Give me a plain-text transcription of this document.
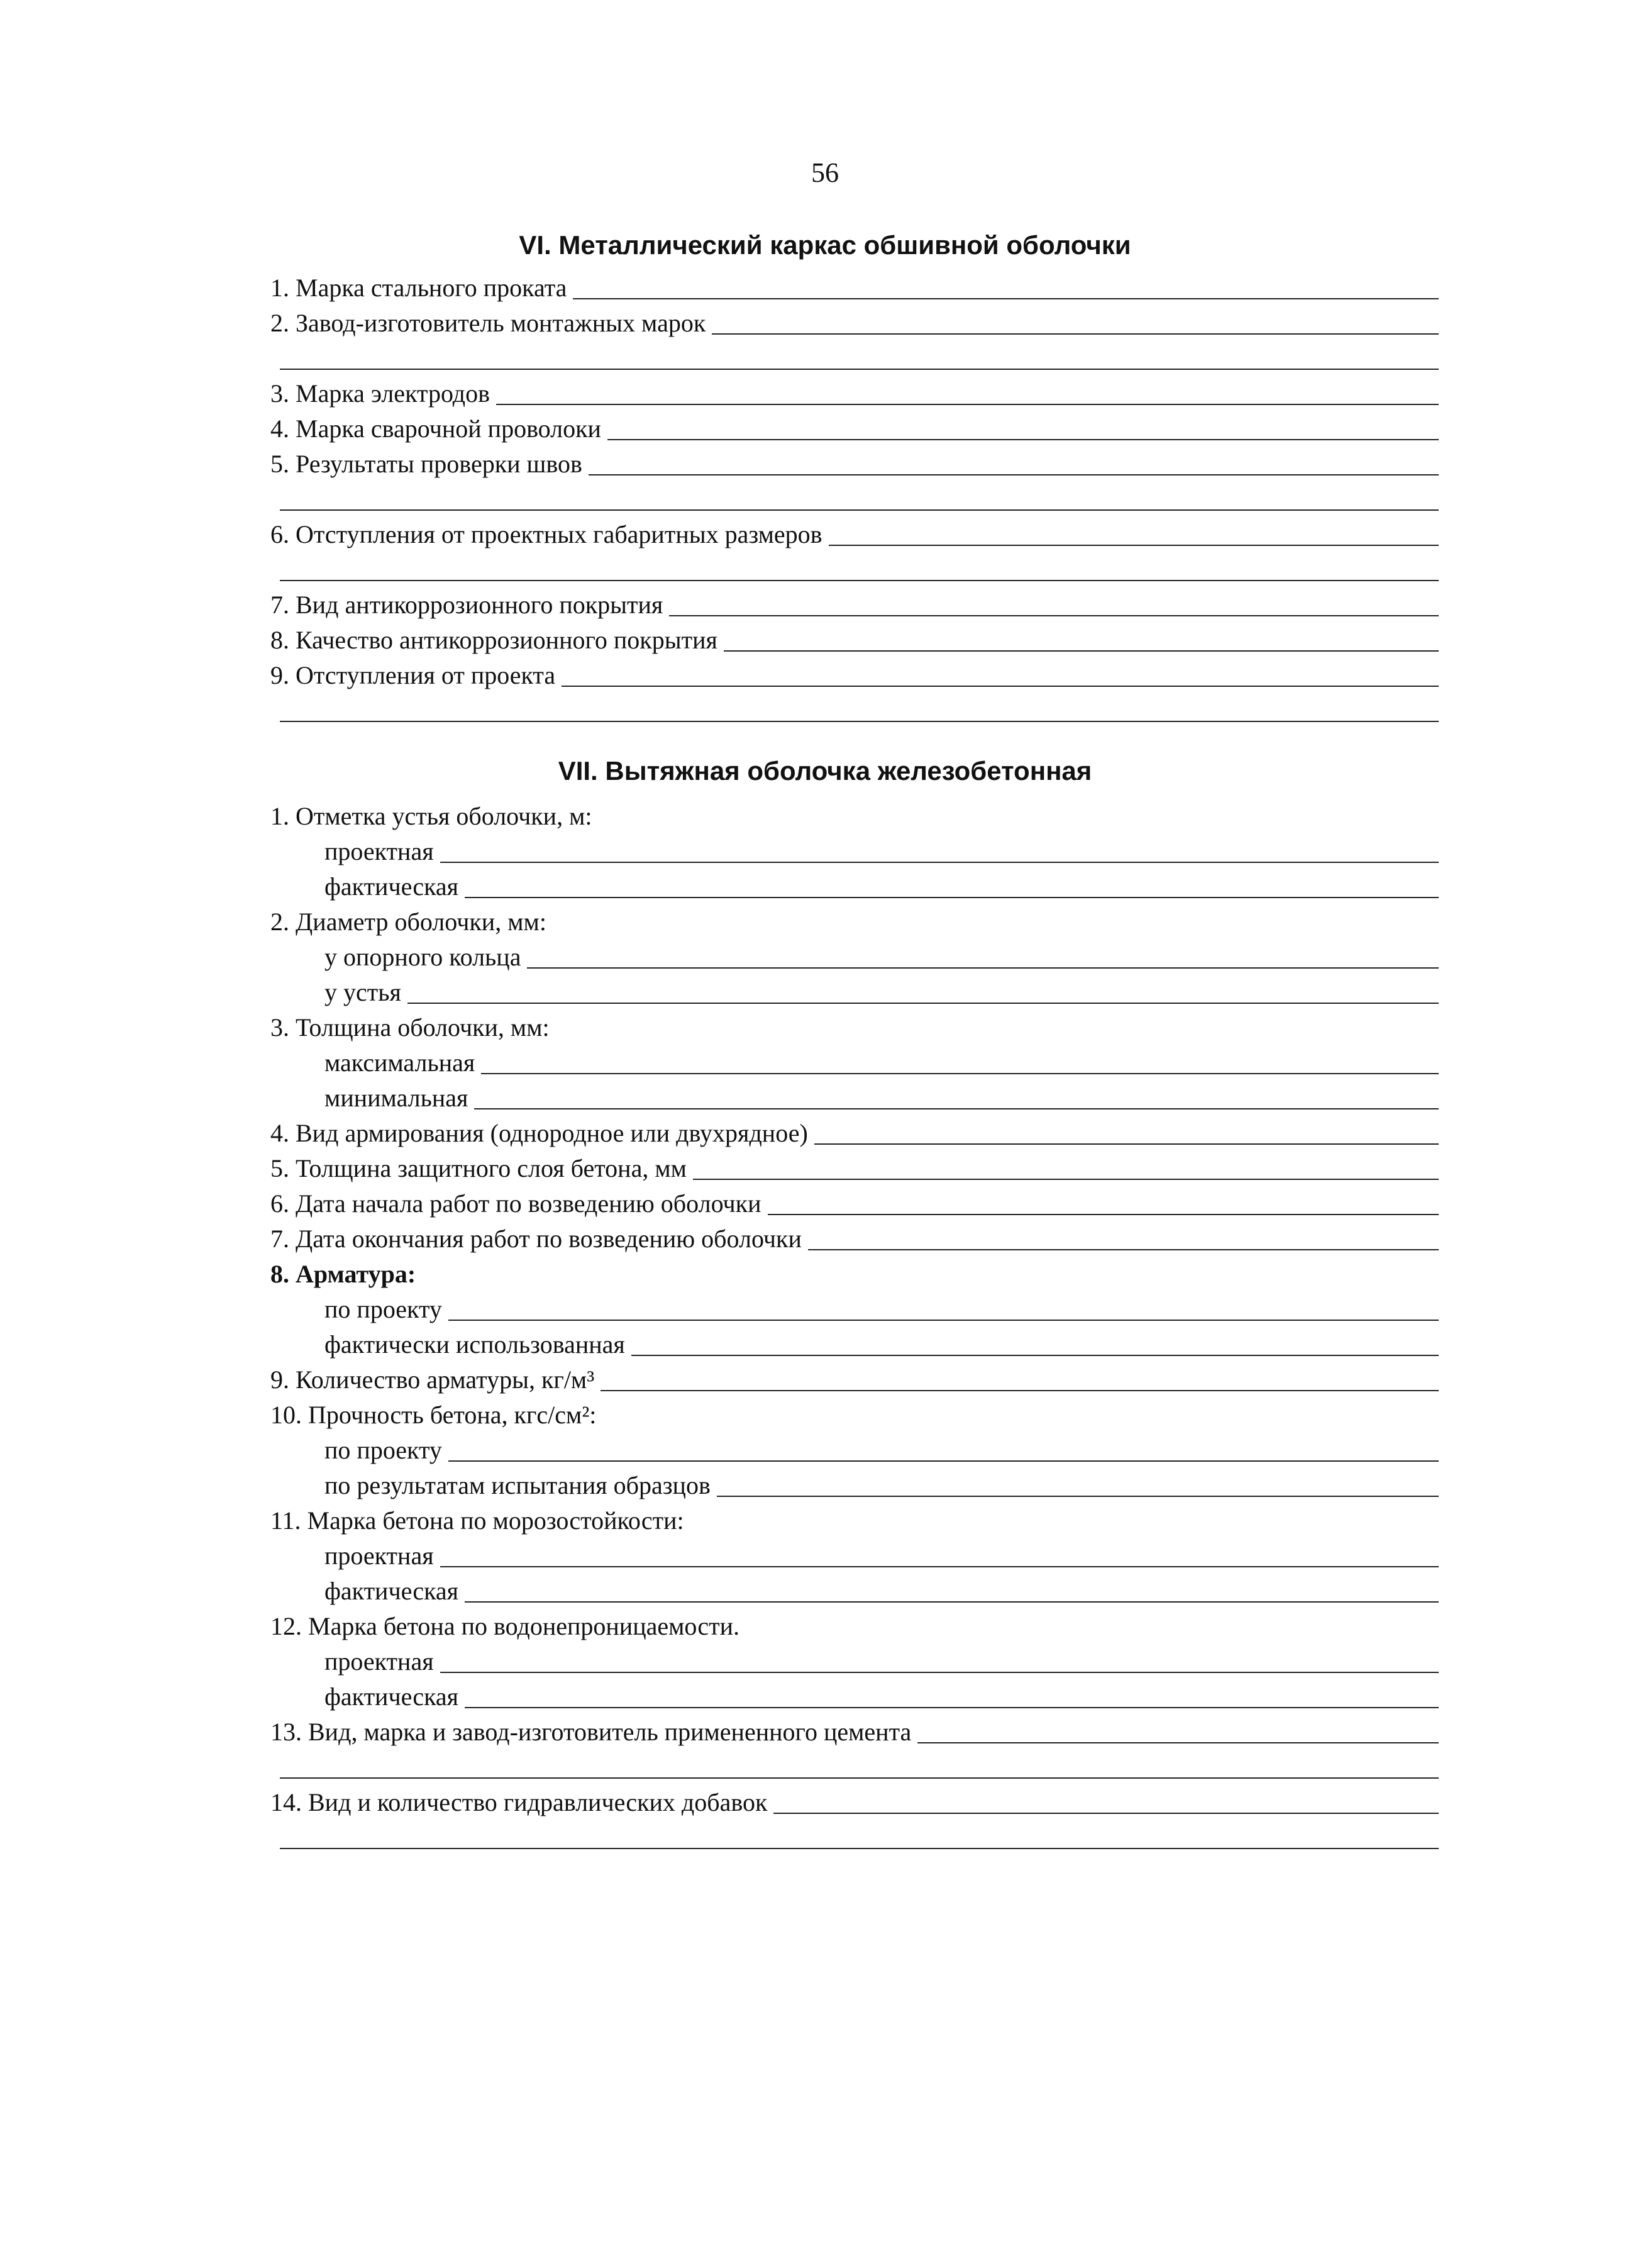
56
VI. Металлический каркас обшивной оболочки
1. Марка стального проката
2. Завод-изготовитель монтажных марок
3. Марка электродов
4. Марка сварочной проволоки
5. Результаты проверки швов
6. Отступления от проектных габаритных размеров
7. Вид антикоррозионного покрытия
8. Качество антикоррозионного покрытия
9. Отступления от проекта
VII. Вытяжная оболочка железобетонная
1. Отметка устья оболочки, м:
проектная
фактическая
2. Диаметр оболочки, мм:
у опорного кольца
у устья
3. Толщина оболочки, мм:
максимальная
минимальная
4. Вид армирования (однородное или двухрядное)
5. Толщина защитного слоя бетона, мм
6. Дата начала работ по возведению оболочки
7. Дата окончания работ по возведению оболочки
8. Арматура:
по проекту
фактически использованная
9. Количество арматуры, кг/м³
10. Прочность бетона, кгс/см²:
по проекту
по результатам испытания образцов
11. Марка бетона по морозостойкости:
проектная
фактическая
12. Марка бетона по водонепроницаемости.
проектная
фактическая
13. Вид, марка и завод-изготовитель примененного цемента
14. Вид и количество гидравлических добавок
